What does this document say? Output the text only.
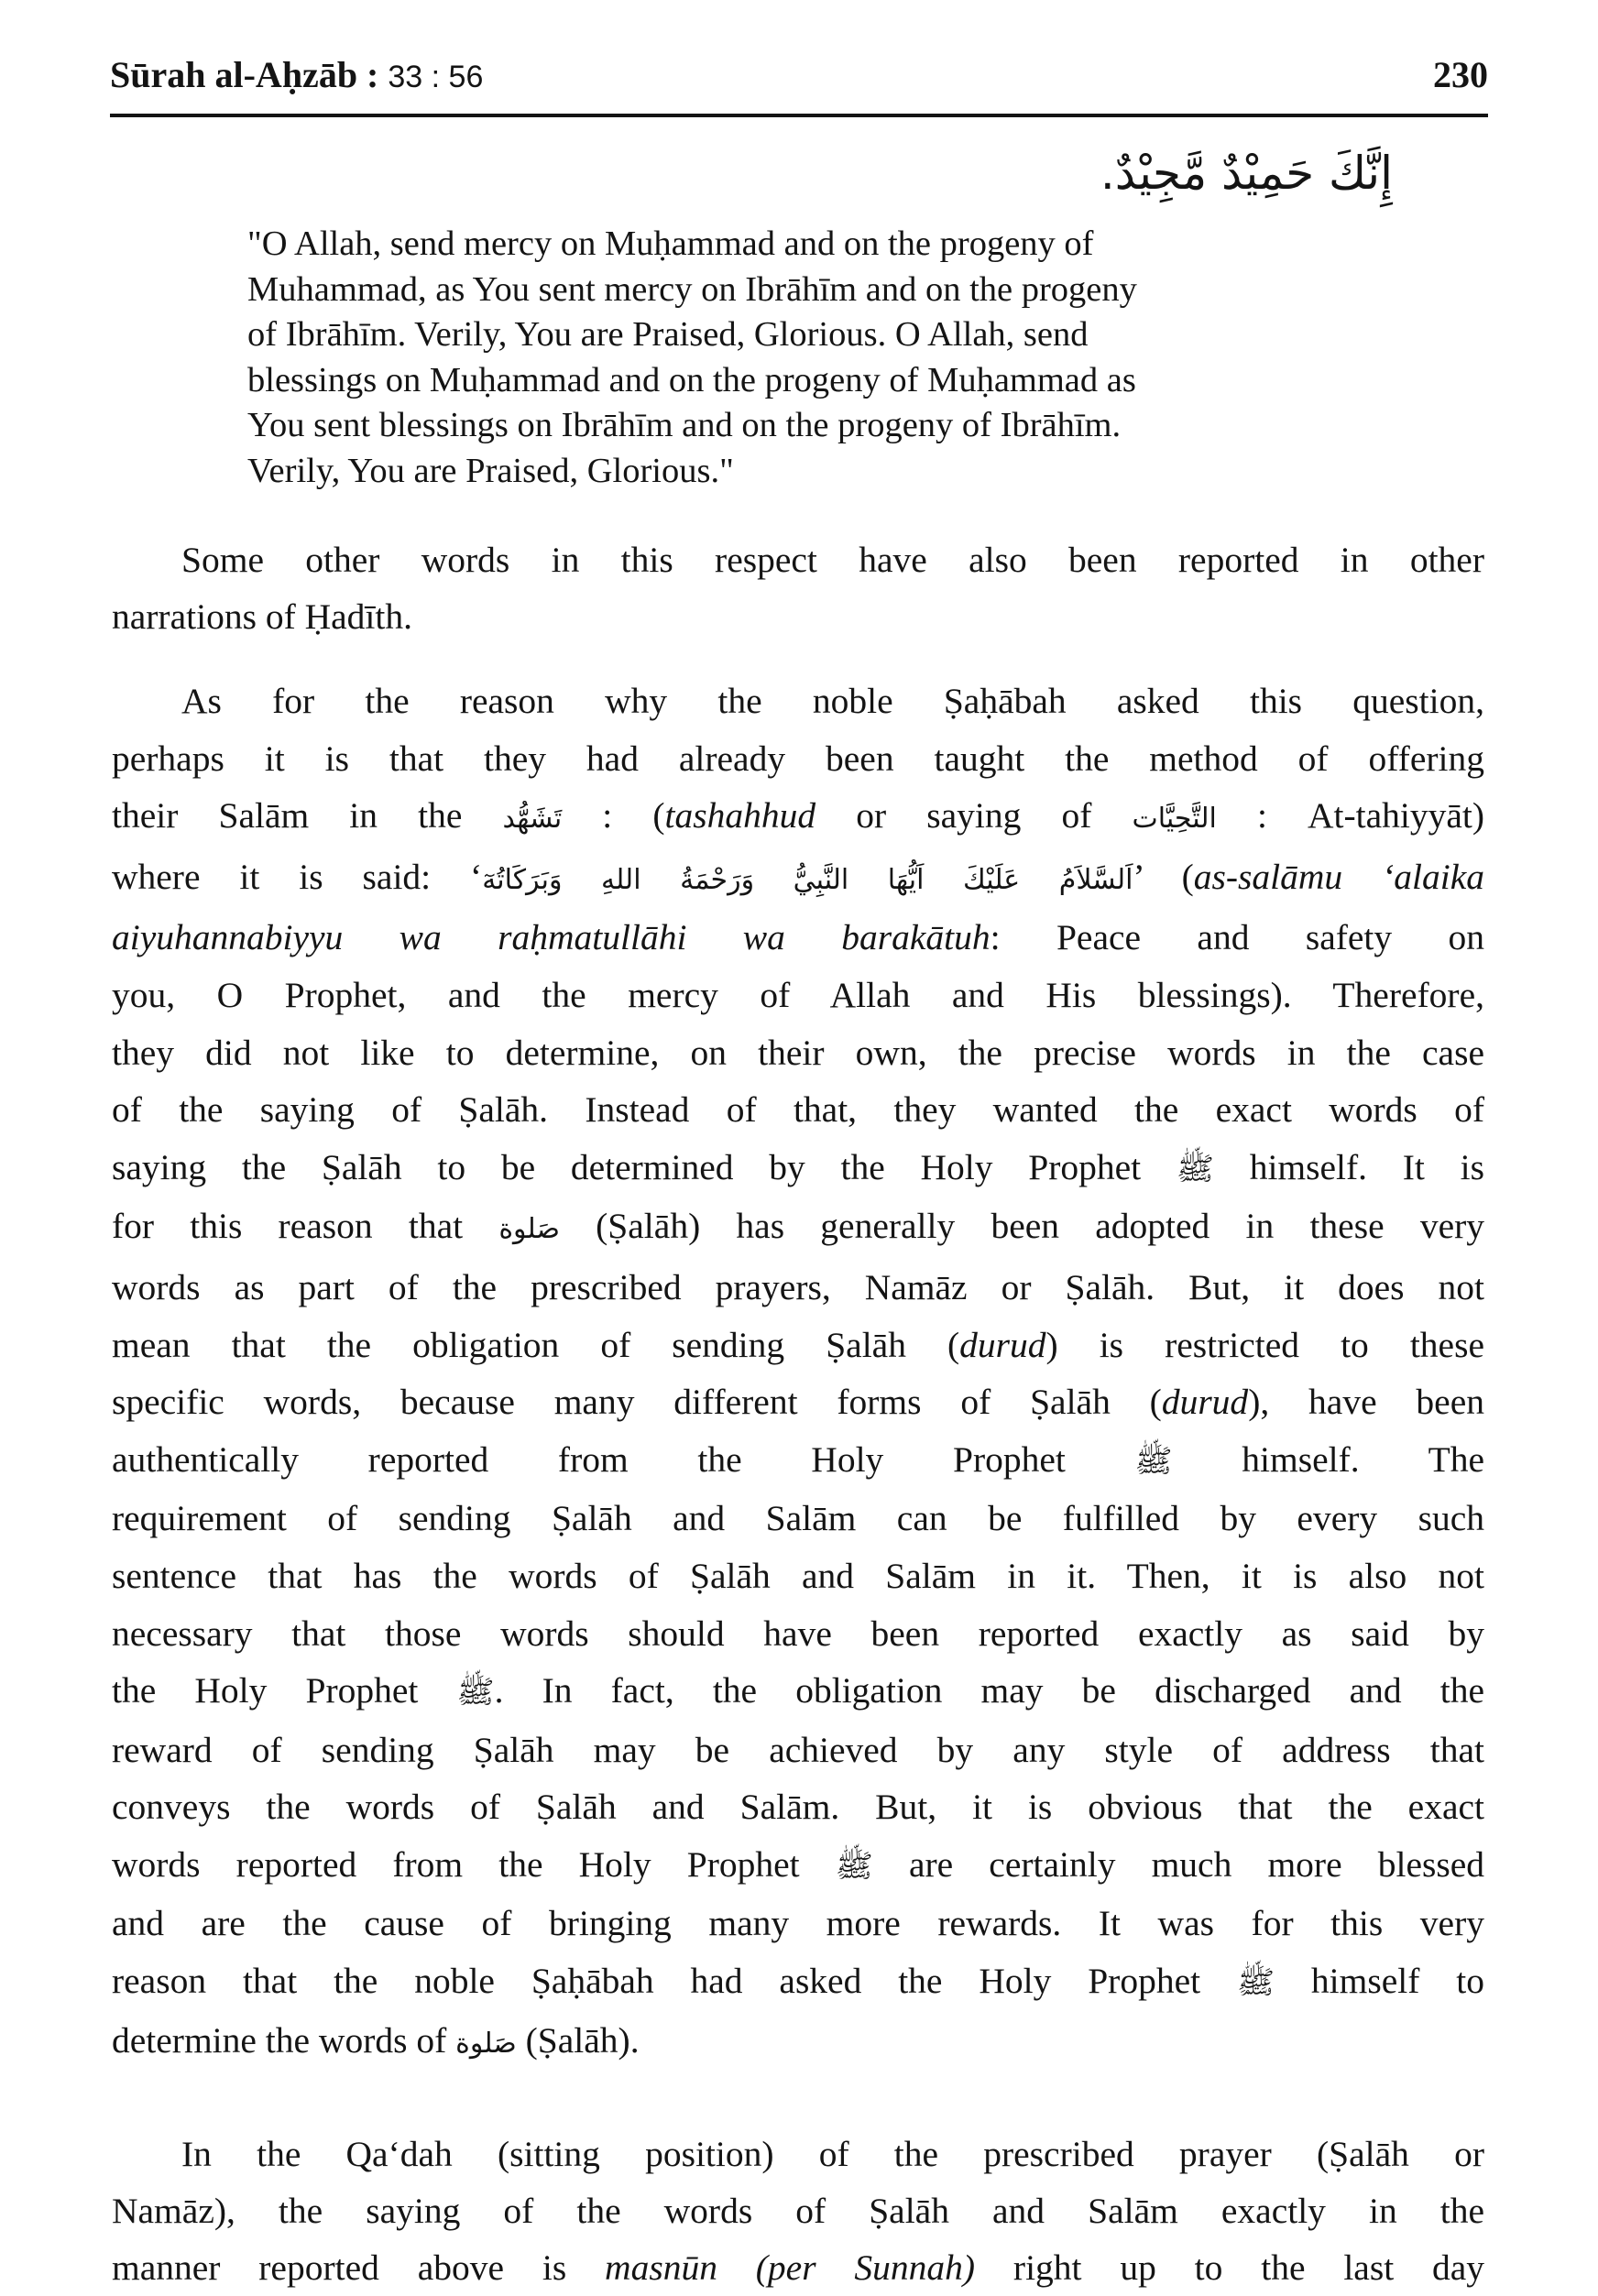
Sūrah al-Aḥzāb : 33 : 56	230
إِنَّكَ حَمِيْدٌ مَّجِيْدٌ.
"O Allah, send mercy on Muḥammad and on the progeny of
Muhammad, as You sent mercy on Ibrāhīm and on the progeny
of Ibrāhīm. Verily, You are Praised, Glorious. O Allah, send
blessings on Muḥammad and on the progeny of Muḥammad as
You sent blessings on Ibrāhīm and on the progeny of Ibrāhīm.
Verily, You are Praised, Glorious."
Some other words in this respect have also been reported in other
narrations of Ḥadīth.
As for the reason why the noble Ṣaḥābah asked this question,
perhaps it is that they had already been taught the method of offering
their Salām in the تَشَهُّد : (tashahhud or saying of التَّحِيَّات : At-tahiyyāt)
where it is said: ‘اَلسَّلاَمُ عَلَيْكَ اَيُّهَا النَّبِيُّ وَرَحْمَةُ اللهِ وَبَرَكَاتُهٓ’ (as-salāmu ‘alaika
aiyuhannabiyyu wa raḥmatullāhi wa barakātuh: Peace and safety on
you, O Prophet, and the mercy of Allah and His blessings). Therefore,
they did not like to determine, on their own, the precise words in the case
of the saying of Ṣalāh. Instead of that, they wanted the exact words of
saying the Ṣalāh to be determined by the Holy Prophet ﷺ himself. It is
for this reason that صَلوة (Ṣalāh) has generally been adopted in these very
words as part of the prescribed prayers, Namāz or Ṣalāh. But, it does not
mean that the obligation of sending Ṣalāh (durud) is restricted to these
specific words, because many different forms of Ṣalāh (durud), have been
authentically reported from the Holy Prophet ﷺ himself. The
requirement of sending Ṣalāh and Salām can be fulfilled by every such
sentence that has the words of Ṣalāh and Salām in it. Then, it is also not
necessary that those words should have been reported exactly as said by
the Holy Prophet ﷺ. In fact, the obligation may be discharged and the
reward of sending Ṣalāh may be achieved by any style of address that
conveys the words of Ṣalāh and Salām. But, it is obvious that the exact
words reported from the Holy Prophet ﷺ are certainly much more blessed
and are the cause of bringing many more rewards. It was for this very
reason that the noble Ṣaḥābah had asked the Holy Prophet ﷺ himself to
determine the words of صَلوة (Ṣalāh).
In the Qa‘dah (sitting position) of the prescribed prayer (Ṣalāh or
Namāz), the saying of the words of Ṣalāh and Salām exactly in the
manner reported above is masnūn (per Sunnah) right up to the last day
